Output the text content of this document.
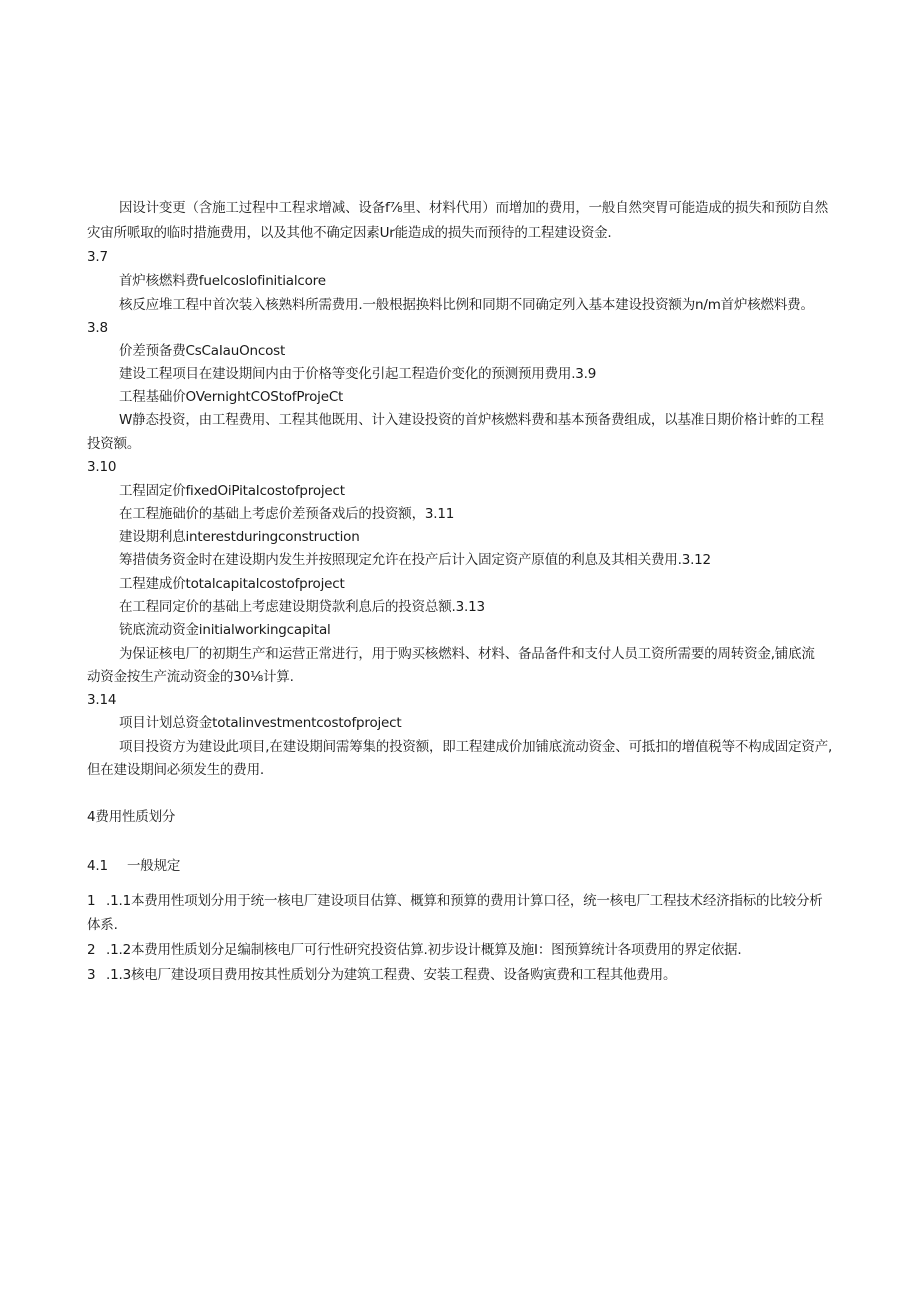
因设计变更（含施工过程中工程求增减、设备f⅞里、材料代用）而增加的费用，一般自然突胃可能造成的损失和预防自然
灾宙所哌取的临时措施费用，以及其他不确定因素Ur能造成的损失而预待的工程建设资金.
3.7
首炉核燃料费fuelcoslofinitialcore
核反应堆工程中首次装入核熟料所需费用.一般根据换料比例和同期不同确定列入基本建设投资额为n/m首炉核燃料费。
3.8
价差预备费CsCaIauOncost
建设工程项目在建设期间内由于价格等变化引起工程造价变化的预测预用费用.3.9
工程基础价OVernightCOStofProjeCt
W静态投资，由工程费用、工程其他既用、计入建设投资的首炉核燃料费和基本预备费组成，以基准日期价格计蚱的工程
投资额。
3.10
工程固定价fixedOiPitaIcostofproject
在工程施础价的基础上考虑价差预备戏后的投资额，3.11
建设期利息interestduringconstruction
筹措债务资金时在建设期内发生并按照现定允许在投产后计入固定资产原值的利息及其相关费用.3.12
工程建成价totalcapitalcostofproject
在工程同定价的基础上考虑建设期贷款利息后的投资总额.3.13
铳底流动资金initialworkingcapital
为保证核电厂的初期生产和运营正常进行，用于购买核燃料、材料、备品备件和支付人员工资所需要的周转资金,铺底流
动资金按生产流动资金的30⅛计算.
3.14
项目计划总资金totalinvestmentcostofproject
项目投资方为建设此项目,在建设期间需筹集的投资额，即工程建成价加铺底流动资金、可抵扣的增值税等不构成固定资产,
但在建设期间必须发生的费用.
4费用性质划分
4.1 一般规定
1 .1.1本费用性项划分用于统一核电厂建设项目估算、概算和预算的费用计算口径，统一核电厂工程技术经济指标的比较分析
体系.
2 .1.2本费用性质划分足编制核电厂可行性研究投资估算.初步设计概算及施I：图预算统计各项费用的界定依据.
3 .1.3核电厂建设项目费用按其性质划分为建筑工程费、安装工程费、设备购寅费和工程其他费用。
